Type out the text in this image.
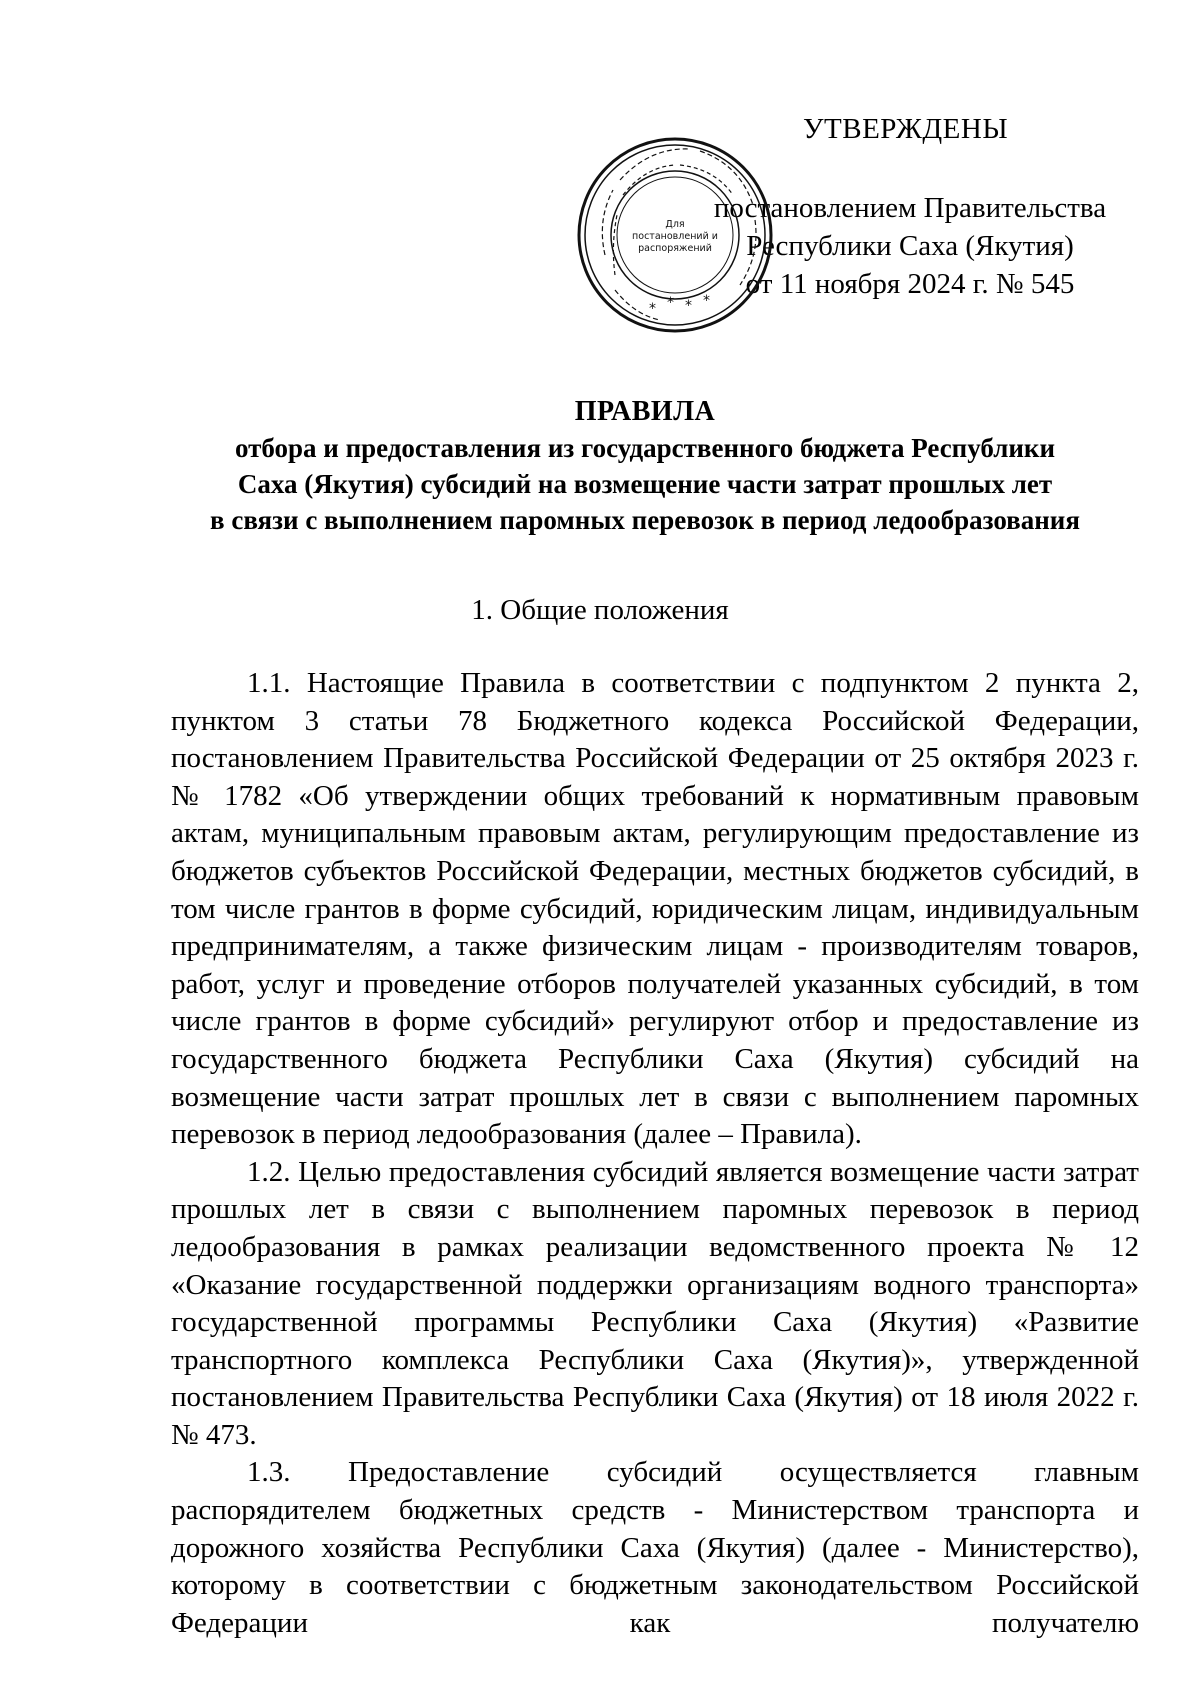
УТВЕРЖДЕНЫ
постановлением Правительства
Республики Саха (Якутия)
от 11 ноября 2024 г. № 545
* *
*	*
Для
постановлений и
распоряжений
ПРАВИЛА
отбора и предоставления из государственного бюджета Республики
Саха (Якутия) субсидий на возмещение части затрат прошлых лет
в связи с выполнением паромных перевозок в период ледообразования
1. Общие положения

1.1. Настоящие Правила в соответствии с подпунктом 2 пункта 2, пунктом 3 статьи 78 Бюджетного кодекса Российской Федерации, постановлением Правительства Российской Федерации от 25 октября 2023 г. № 1782 «Об утверждении общих требований к нормативным правовым актам, муниципальным правовым актам, регулирующим предоставление из бюджетов субъектов Российской Федерации, местных бюджетов субсидий, в том числе грантов в форме субсидий, юридическим лицам, индивидуальным предпринимателям, а также физическим лицам - производителям товаров, работ, услуг и проведение отборов получателей указанных субсидий, в том числе грантов в форме субсидий» регулируют отбор и предоставление из государственного бюджета Республики Саха (Якутия) субсидий на возмещение части затрат прошлых лет в связи с выполнением паромных перевозок в период ледообразования (далее – Правила).

1.2. Целью предоставления субсидий является возмещение части затрат прошлых лет в связи с выполнением паромных перевозок в период ледообразования в рамках реализации ведомственного проекта № 12 «Оказание государственной поддержки организациям водного транспорта» государственной программы Республики Саха (Якутия) «Развитие транспортного комплекса Республики Саха (Якутия)», утвержденной постановлением Правительства Республики Саха (Якутия) от 18 июля 2022 г. № 473.

1.3. Предоставление субсидий осуществляется главным распорядителем бюджетных средств - Министерством транспорта и дорожного хозяйства Республики Саха (Якутия) (далее - Министерство), которому в соответствии с бюджетным законодательством Российской Федерации как получателю
